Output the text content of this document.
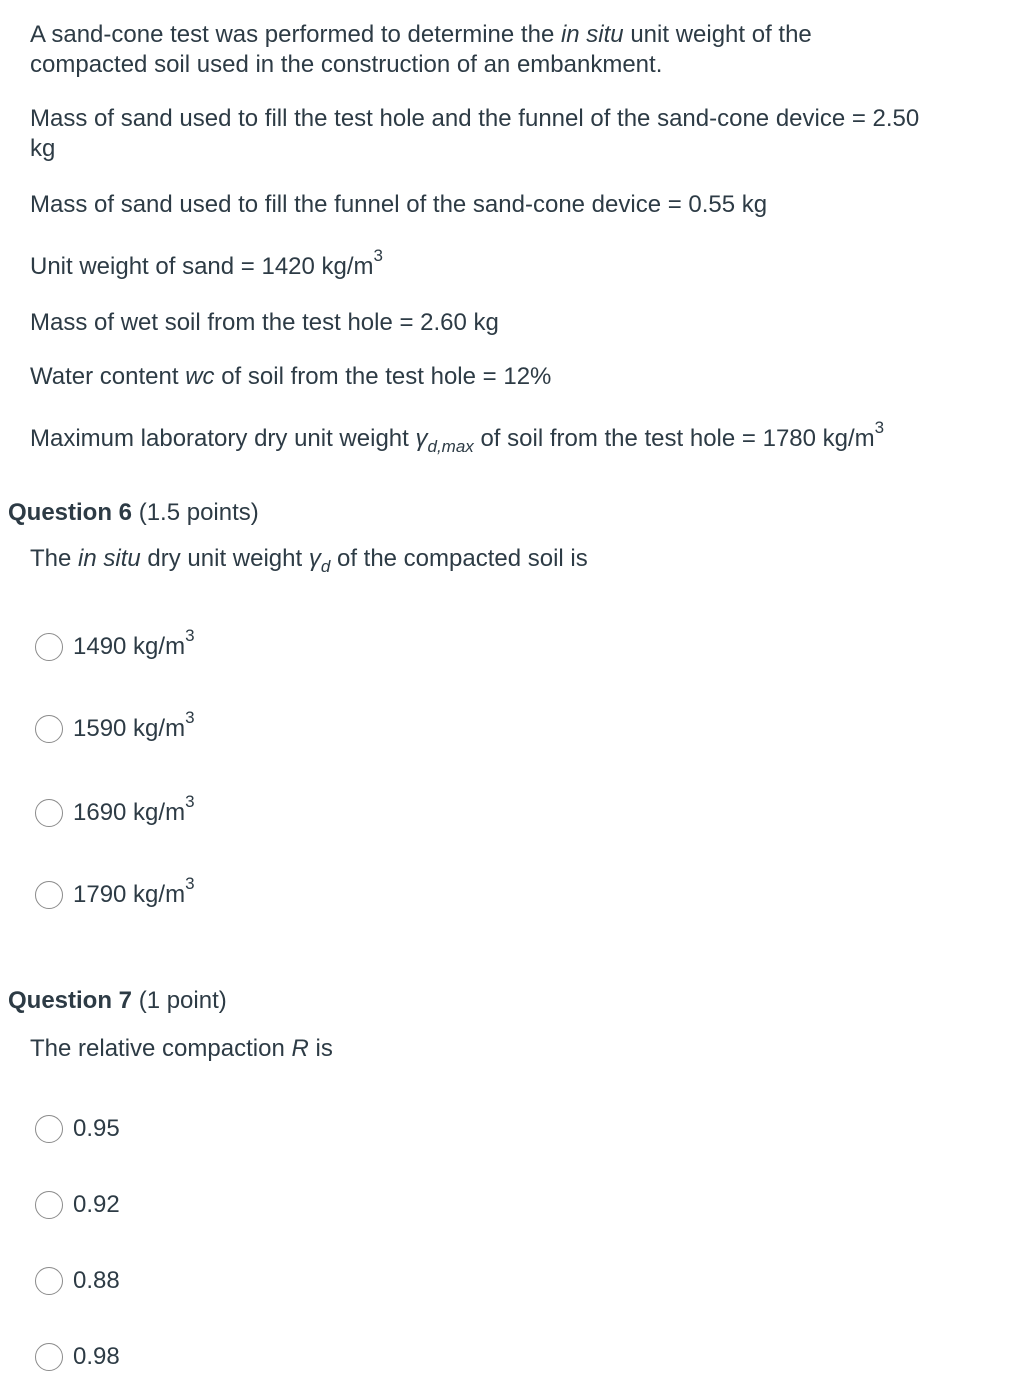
A sand-cone test was performed to determine the in situ unit weight of the
compacted soil used in the construction of an embankment.
Mass of sand used to fill the test hole and the funnel of the sand-cone device = 2.50
kg
Mass of sand used to fill the funnel of the sand-cone device = 0.55 kg
Unit weight of sand = 1420 $kg/m^3$
Mass of wet soil from the test hole = 2.60 kg
Water content wc of soil from the test hole = 12%
Maximum laboratory dry unit weight $\gamma_{d,max}$ of soil from the test hole = 1780 $kg/m^3$
Question 6 (1.5 points)
The in situ dry unit weight $\gamma_d$ of the compacted soil is
1490 $kg/m^3$
1590 $kg/m^3$
1690 $kg/m^3$
1790 $kg/m^3$
Question 7 (1 point)
The relative compaction R is
0.95
0.92
0.88
0.98
